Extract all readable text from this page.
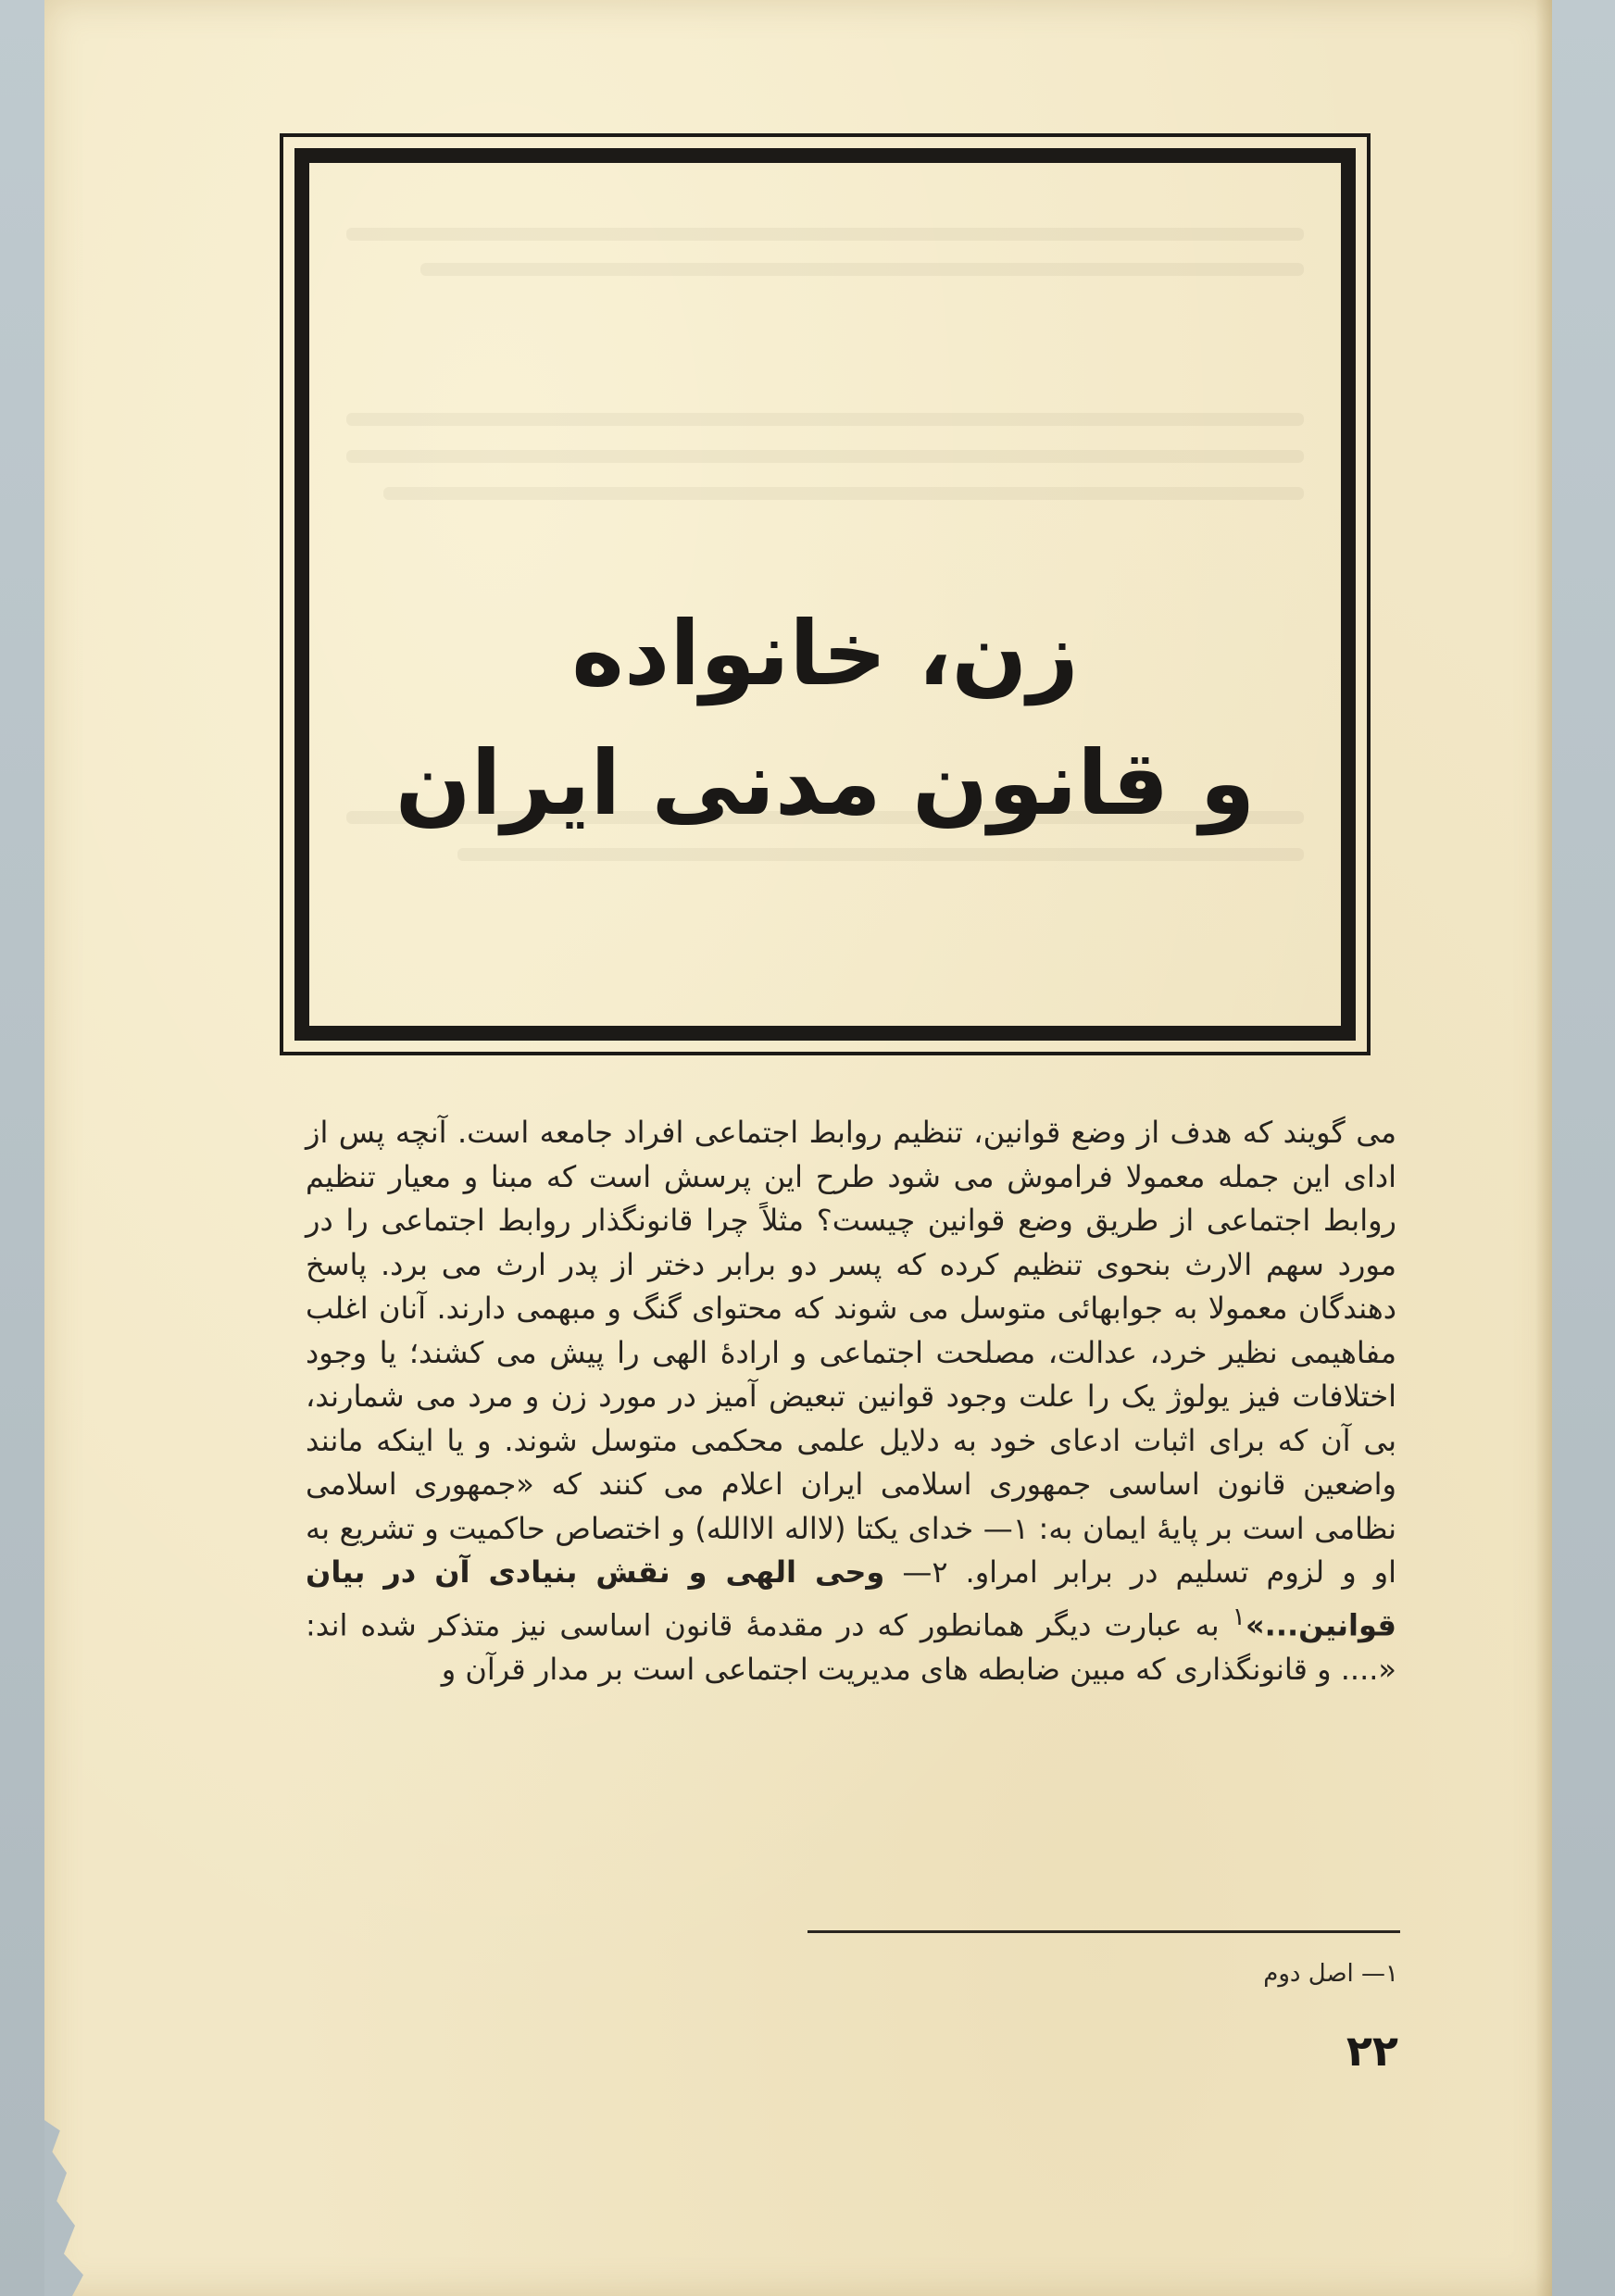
زن، خانواده
و قانون مدنی ایران

می گویند که هدف از وضع قوانین، تنظیم روابط اجتماعی افراد جامعه است. آنچه پس از ادای این جمله معمولا فراموش می شود طرح این پرسش است که مبنا و معیار تنظیم روابط اجتماعی از طریق وضع قوانین چیست؟ مثلاً چرا قانونگذار روابط اجتماعی را در مورد سهم الارث بنحوی تنظیم کرده که پسر دو برابر دختر از پدر ارث می برد. پاسخ دهندگان معمولا به جوابهائی متوسل می شوند که محتوای گنگ و مبهمی دارند. آنان اغلب مفاهیمی نظیر خرد، عدالت، مصلحت اجتماعی و ارادهٔ الهی را پیش می کشند؛ یا وجود اختلافات فیز یولوژ یک را علت وجود قوانین تبعیض آمیز در مورد زن و مرد می شمارند، بی آن که برای اثبات ادعای خود به دلایل علمی محکمی متوسل شوند. و یا اینکه مانند واضعین قانون اساسی جمهوری اسلامی ایران اعلام می کنند که «جمهوری اسلامی نظامی است بر پایهٔ ایمان به: ۱— خدای یکتا (لااله الاالله) و اختصاص حاکمیت و تشریع به او و لزوم تسلیم در برابر امراو. ۲— وحی الهی و نقش بنیادی آن در بیان قوانین...»$^۱$ به عبارت دیگر همانطور که در مقدمهٔ قانون اساسی نیز متذکر شده اند: «.... و قانونگذاری که مبین ضابطه های مدیریت اجتماعی است بر مدار قرآن و

۱— اصل دوم
۲۲
